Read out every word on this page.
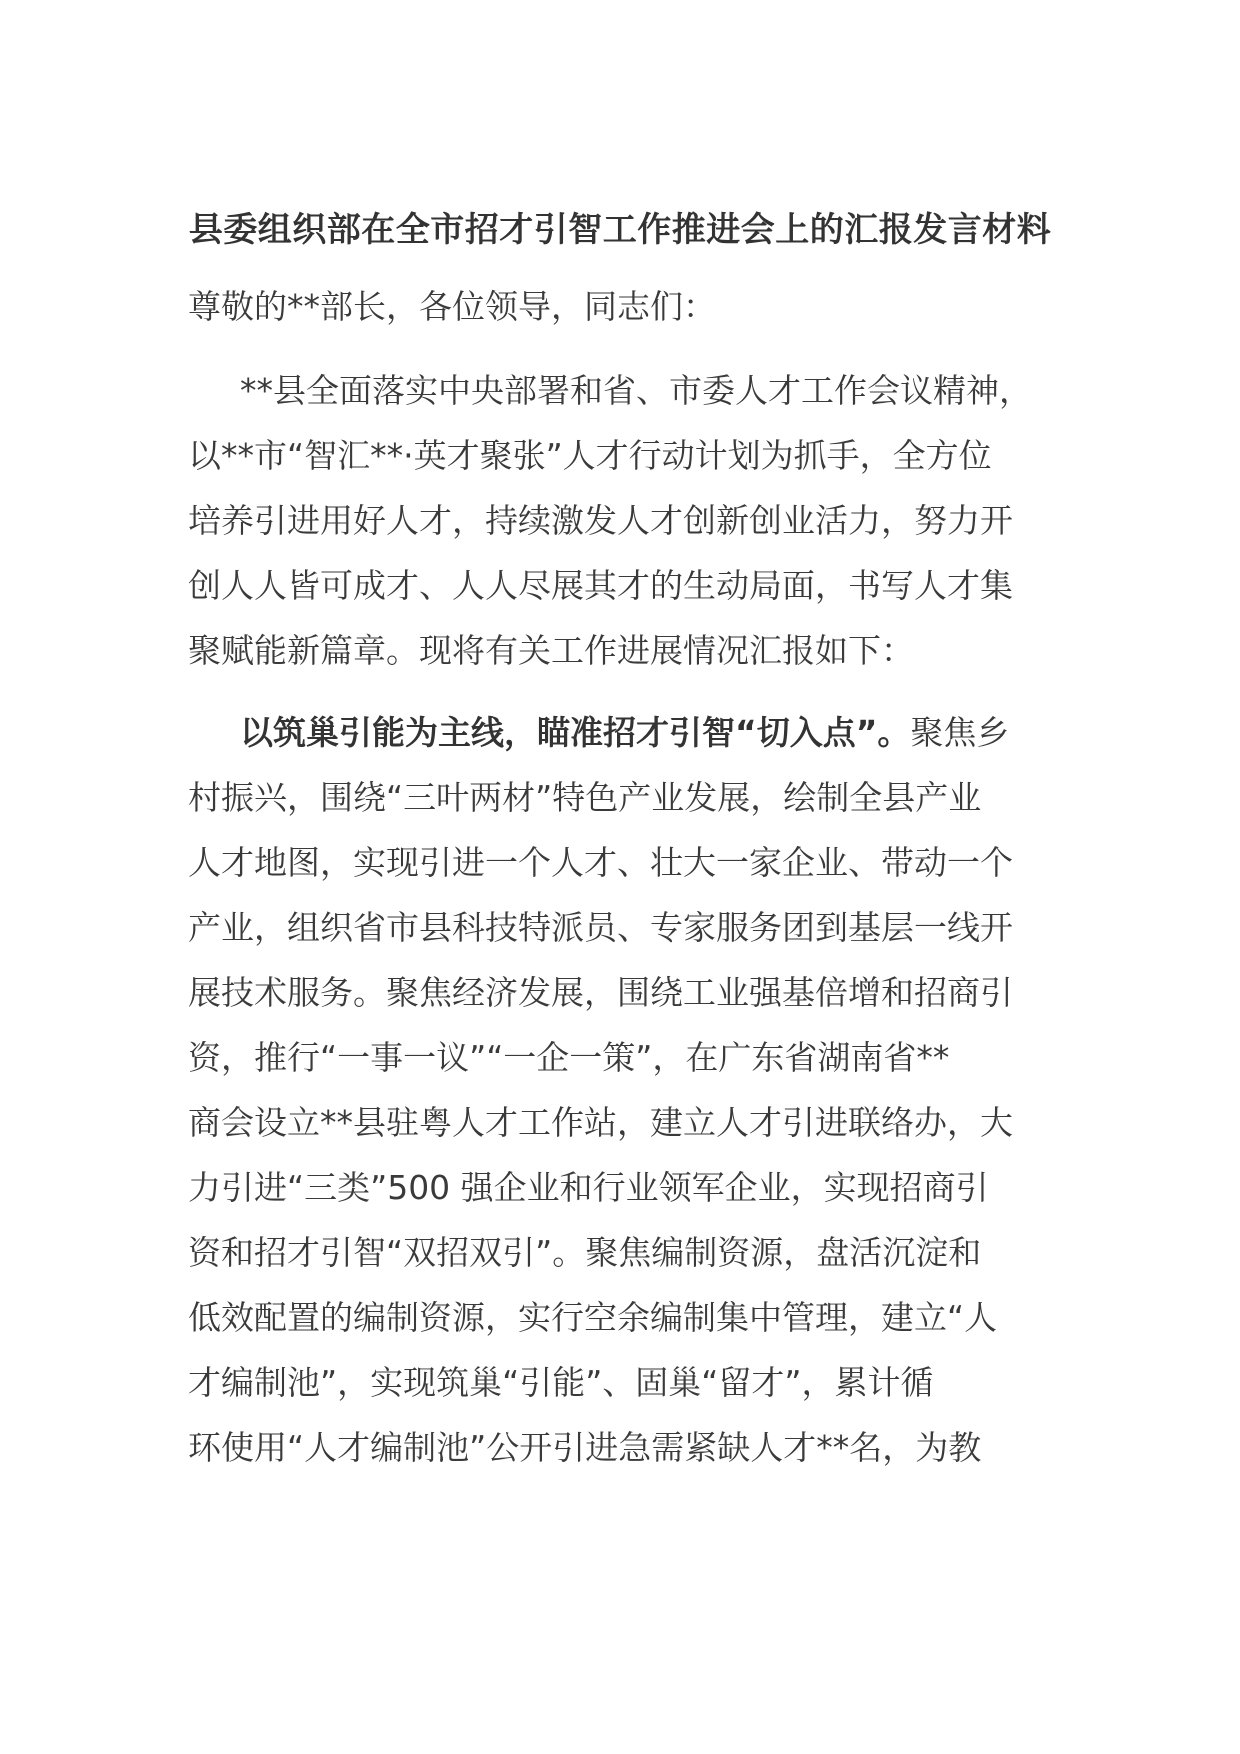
县委组织部在全市招才引智工作推进会上的汇报发言材料
尊敬的**部长，各位领导，同志们：
**县全面落实中央部署和省、市委人才工作会议精神，
以**市“智汇**·英才聚张”人才行动计划为抓手，全方位
培养引进用好人才，持续激发人才创新创业活力，努力开
创人人皆可成才、人人尽展其才的生动局面，书写人才集
聚赋能新篇章。现将有关工作进展情况汇报如下：
以筑巢引能为主线，瞄准招才引智“切入点”。聚焦乡
村振兴，围绕“三叶两材”特色产业发展，绘制全县产业
人才地图，实现引进一个人才、壮大一家企业、带动一个
产业，组织省市县科技特派员、专家服务团到基层一线开
展技术服务。聚焦经济发展，围绕工业强基倍增和招商引
资，推行“一事一议”“一企一策”，在广东省湖南省**
商会设立**县驻粤人才工作站，建立人才引进联络办，大
力引进“三类”500 强企业和行业领军企业，实现招商引
资和招才引智“双招双引”。聚焦编制资源，盘活沉淀和
低效配置的编制资源，实行空余编制集中管理，建立“人
才编制池”，实现筑巢“引能”、固巢“留才”，累计循
环使用“人才编制池”公开引进急需紧缺人才**名，为教
